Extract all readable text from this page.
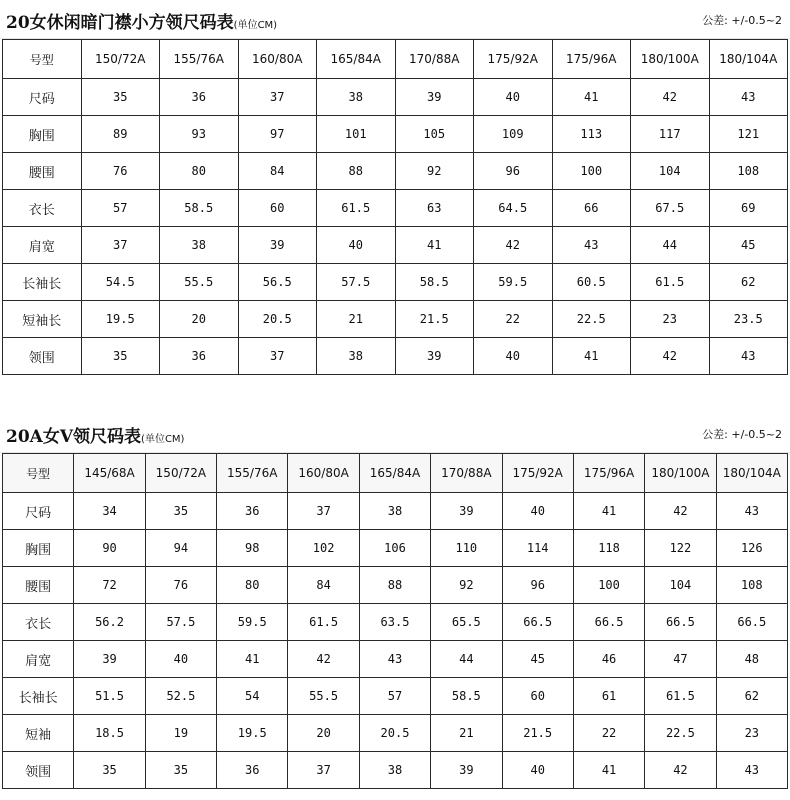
20女休闲暗门襟小方领尺码表(单位CM)	公差: +/-0.5~2
号型	150/72A	155/76A	160/80A	165/84A	170/88A	175/92A	175/96A	180/100A	180/104A
尺码	35	36	37	38	39	40	41	42	43
胸围	89	93	97	101	105	109	113	117	121
腰围	76	80	84	88	92	96	100	104	108
衣长	57	58.5	60	61.5	63	64.5	66	67.5	69
肩宽	37	38	39	40	41	42	43	44	45
长袖长	54.5	55.5	56.5	57.5	58.5	59.5	60.5	61.5	62
短袖长	19.5	20	20.5	21	21.5	22	22.5	23	23.5
领围	35	36	37	38	39	40	41	42	43
20A女V领尺码表(单位CM)	公差: +/-0.5~2
号型	145/68A	150/72A	155/76A	160/80A	165/84A	170/88A	175/92A	175/96A	180/100A	180/104A
尺码	34	35	36	37	38	39	40	41	42	43
胸围	90	94	98	102	106	110	114	118	122	126
腰围	72	76	80	84	88	92	96	100	104	108
衣长	56.2	57.5	59.5	61.5	63.5	65.5	66.5	66.5	66.5	66.5
肩宽	39	40	41	42	43	44	45	46	47	48
长袖长	51.5	52.5	54	55.5	57	58.5	60	61	61.5	62
短袖	18.5	19	19.5	20	20.5	21	21.5	22	22.5	23
领围	35	35	36	37	38	39	40	41	42	43
